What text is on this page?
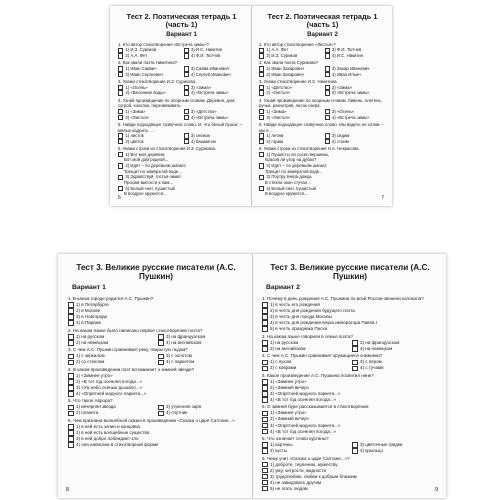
Тест 2. Поэтическая тетрадь 1 (часть 1)
Вариант 1
1. Кто автор стихотворения «Встреча зимы»?
1) И.З. Суриков	3) И.С. Никитин
2) А.А. Фет	4) Ф.И. Тютчев
2. Как звали поэта Никитина?
1) Иван Саввич	3) Савва Иванович
2) Иван Сергеевич	4) Сергей Иванович
3. Укажи стихотворение И.З. Сурикова.
1) «Осень»	3) «Зима»
2) «Весенние воды»	4) «Встреча зимы»
4. Узнай произведение по опорным словам. Деревня, дом, сугроб, хохолок, перезвякивать.
1) «Зима»	3) «Детство»
2) «Листья»	4) «Встреча зимы»
5. Найди подходящее созвучное слово. И, что белый пушок, – милых кадрить ... .
1) листок	3) снежок
2) цветок	4) башмачок
6. Укажи строки из стихотворения И.З. Сурикова.
1) Вот моя деревня,
Вот мой дом родной...
2) Идёт – по деревьям шагает,
Трещит по замёрзлой воде...
3) Здравствуй, гостья-зима!
Просим милости к нам...
4) Белый снег, пушистый
В воздухе кружится...
6
Тест 2. Поэтическая тетрадь 1 (часть 1)
Вариант 2
1. Кто автор стихотворения «Листья»?
1) А.А. Фет	3) Ф.И. Тютчев
2) И.З. Суриков	4) И.С. Никитин
2. Как звали поэта Сурикова?
1) Иван Захарович	3) Захар Иванович
2) Иван Захарович	4) Иван Ильич
3. Укажи стихотворение И.С. Никитина.
1) «Детство»	3) «Зима»
2) «Листья»	4) «Встреча зимы»
4. Узнай произведение по опорным словам. Ливень, плетень, ручьи, разнотрав, лесок озера.
1) «Зима»	3) «Осень»
2) «Листья»	4) «Встреча зимы»
5. Найди подходящее созвучное слово. Мы видеть не хотим – мы в ... .
1) летим	3) сидим
2) горим	4) стоим
6. Укажи строки из стихотворения Н.А. Некрасова.
1) Пушисты ли сосен вершины,
Красив ли узор на дубах?
2) Идёт – по деревьям шагает,
Трещит по замёрзлой воде...
3) Поутру вчера дождь
В стёкла окон стучал...
4) Белый снег, пушистый
В воздухе кружится...
7
Тест 3. Великие русские писатели (А.С. Пушкин)
Вариант 1
1. В каком городе родился А.С. Пушкин?
1) в Петербурге
2) в Москве
3) в Новгороде
4) в Париже
2. На каком языке было написано первое стихотворение поэта?
1) на русском	3) на французском
2) на немецком	4) на английском
3. С чем А.С. Пушкин сравнивает реку, покрытую льдом?
1) с зеркалом	3) с золотом
2) со стеклом	4) с паркетом
4. В каком произведении поэт вспоминает о зимней звезде?
1) «Зимнее утро»
2) «В тот год осенняя погода...»
3) «Уж небо осенью дышало...»
4) «Опрятней модного паркета...»
5. Что такое Аврора?
1) вечерняя звезда	3) утренняя заря
2) планета	4) спутник
6. Чем признана волшебной сказка в произведении «Сказка о царе Салтане...»
1) в ней есть зачин и концовка
2) в ней есть волшебные существа
3) в ней добро побеждает зло
4) она написана в стихотворной форме
8
Тест 3. Великие русские писатели (А.С. Пушкин)
Вариант 2
1. Почему в день рождения А.С. Пушкина по всей России звонили колокола?
1) в честь его рождения
2) в честь дня рождения будущего поэта
3) в честь дня города Москвы
4) в честь дня рождения внука императора Павла I
5) в честь праздника Пасхи
2. На каком языке говорили в семье поэта?
1) на русском	3) на французском
2) на английском	4) на немецком
3. С чем А.С. Пушкин сравнивает кружащиеся снежинки?
1) с пухом	3) с пером
2) с коврами	4) с тучами
4. Какое произведение А.С. Пушкина посвятил няне?
1) «Зимнее утро»
2) «Зимний вечер»
3) «Опрятней модного паркета...»
4) «В тот год осенняя погода...»
5. О зимней буре рассказывается в стихотворении:
1) «Зимнее утро»
2) «Зимний вечер»
3) «Опрятней модного паркета...»
4) «В тот год осенняя погода...»
6. Что означает слово куртины?
1) картины	3) цветочные грядки
2) кусты	4) крыльцо
6. Чему учит «Сказка о царе Салтане...»?
1) доброте, терпению, мужеству
2) уму, хитрости, жадности
3) трудолюбию, любви к добрым близким
4) не завидовать другим
5) не лгать людям	9
